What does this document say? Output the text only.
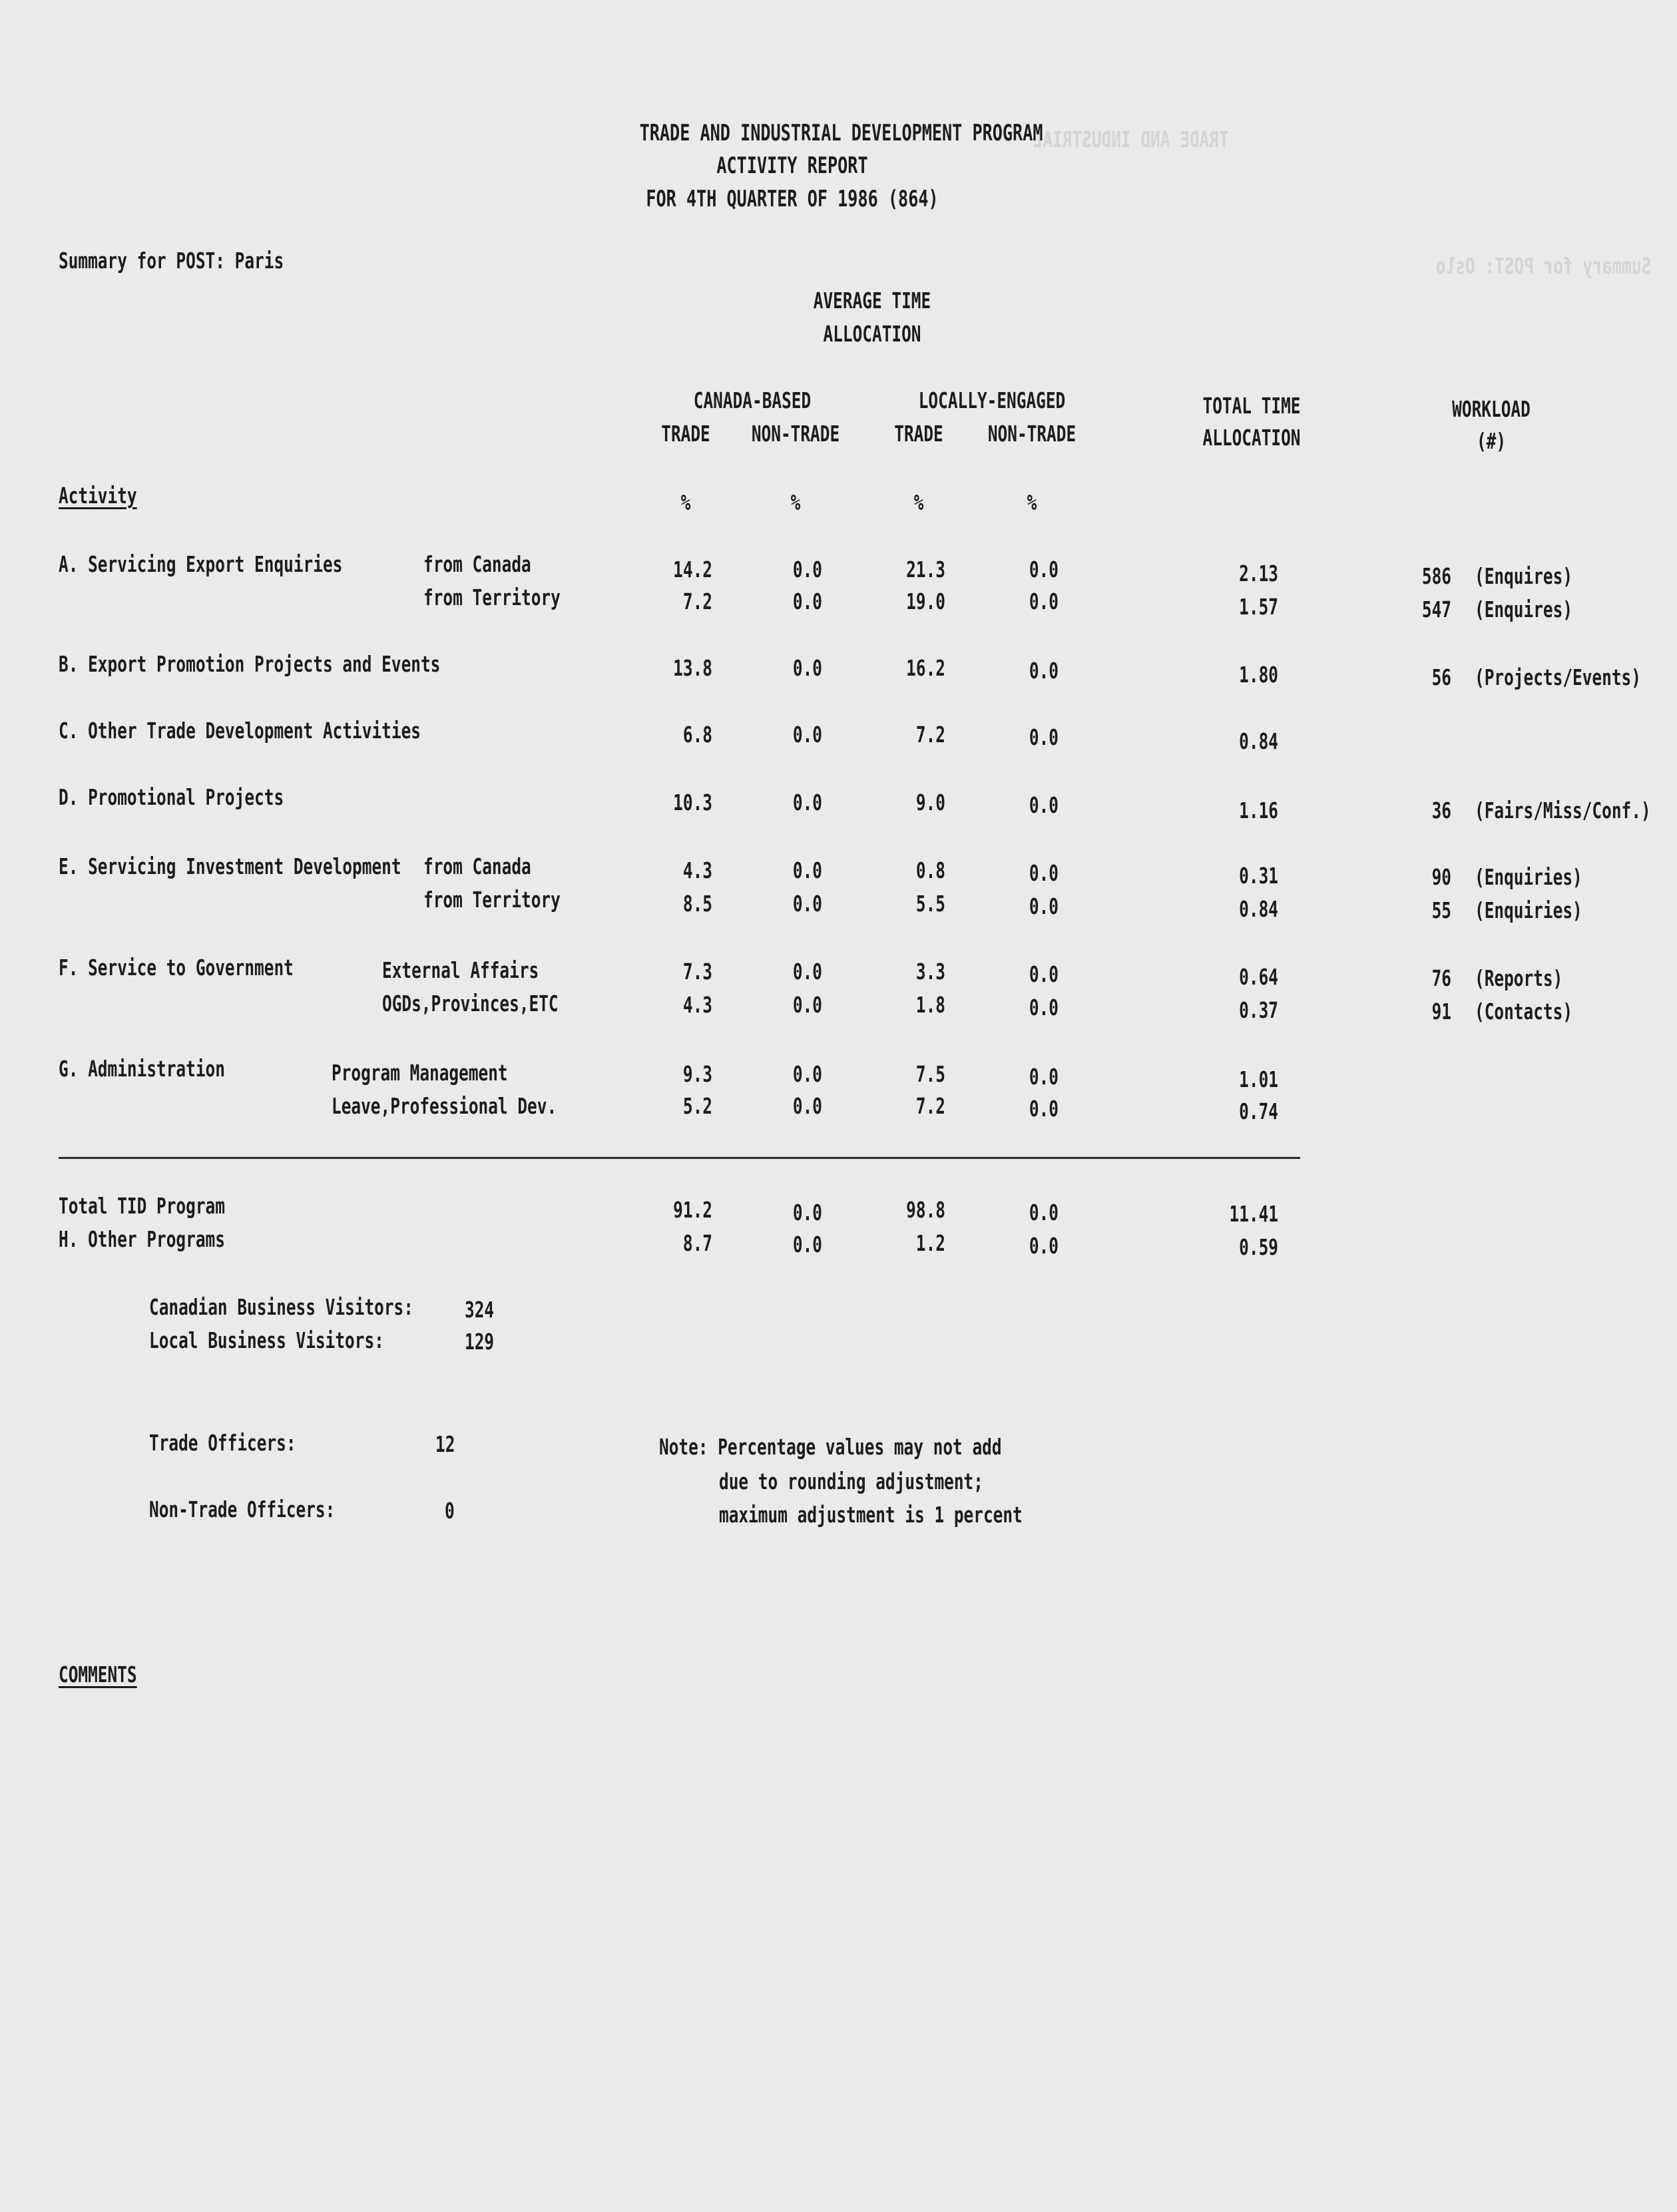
TRADE AND INDUSTRIAL
Summary for POST: Oslo
TRADE AND INDUSTRIAL DEVELOPMENT PROGRAM
ACTIVITY REPORT
FOR 4TH QUARTER OF 1986 (864)
Summary for POST: Paris
AVERAGE TIME
ALLOCATION
CANADA-BASED	LOCALLY-ENGAGED	TOTAL TIME
ALLOCATION
WORKLOAD
(#)
TRADE	NON-TRADE	TRADE	NON-TRADE
Activity	%	%	%	%
A. Servicing Export Enquiries	from Canada	14.2	0.0	21.3	0.0	2.13	586 (Enquires)
from Territory	7.2	0.0	19.0	0.0	1.57	547 (Enquires)
B. Export Promotion Projects and Events	13.8	0.0	16.2	0.0	1.80	56 (Projects/Events)
C. Other Trade Development Activities	6.8	0.0	7.2	0.0	0.84
D. Promotional Projects	10.3	0.0	9.0	0.0	1.16	36 (Fairs/Miss/Conf.)
E. Servicing Investment Development from Canada	4.3	0.0	0.8	0.0	0.31	90 (Enquiries)
from Territory	8.5	0.0	5.5	0.0	0.84	55 (Enquiries)
F. Service to Government	External Affairs	7.3	0.0	3.3	0.0	0.64	76 (Reports)
OGDs,Provinces,ETC	4.3	0.0	1.8	0.0	0.37	91 (Contacts)
G. Administration	Program Management	9.3	0.0	7.5	0.0	1.01
Leave,Professional Dev.	5.2	0.0	7.2	0.0	0.74
Total TID Program	91.2	0.0	98.8	0.0	11.41
H. Other Programs	8.7	0.0	1.2	0.0	0.59
Canadian Business Visitors: 324
Local Business Visitors:	129
Trade Officers:	12
Non-Trade Officers:	0
Note: Percentage values may not add
due to rounding adjustment;
maximum adjustment is 1 percent
COMMENTS
